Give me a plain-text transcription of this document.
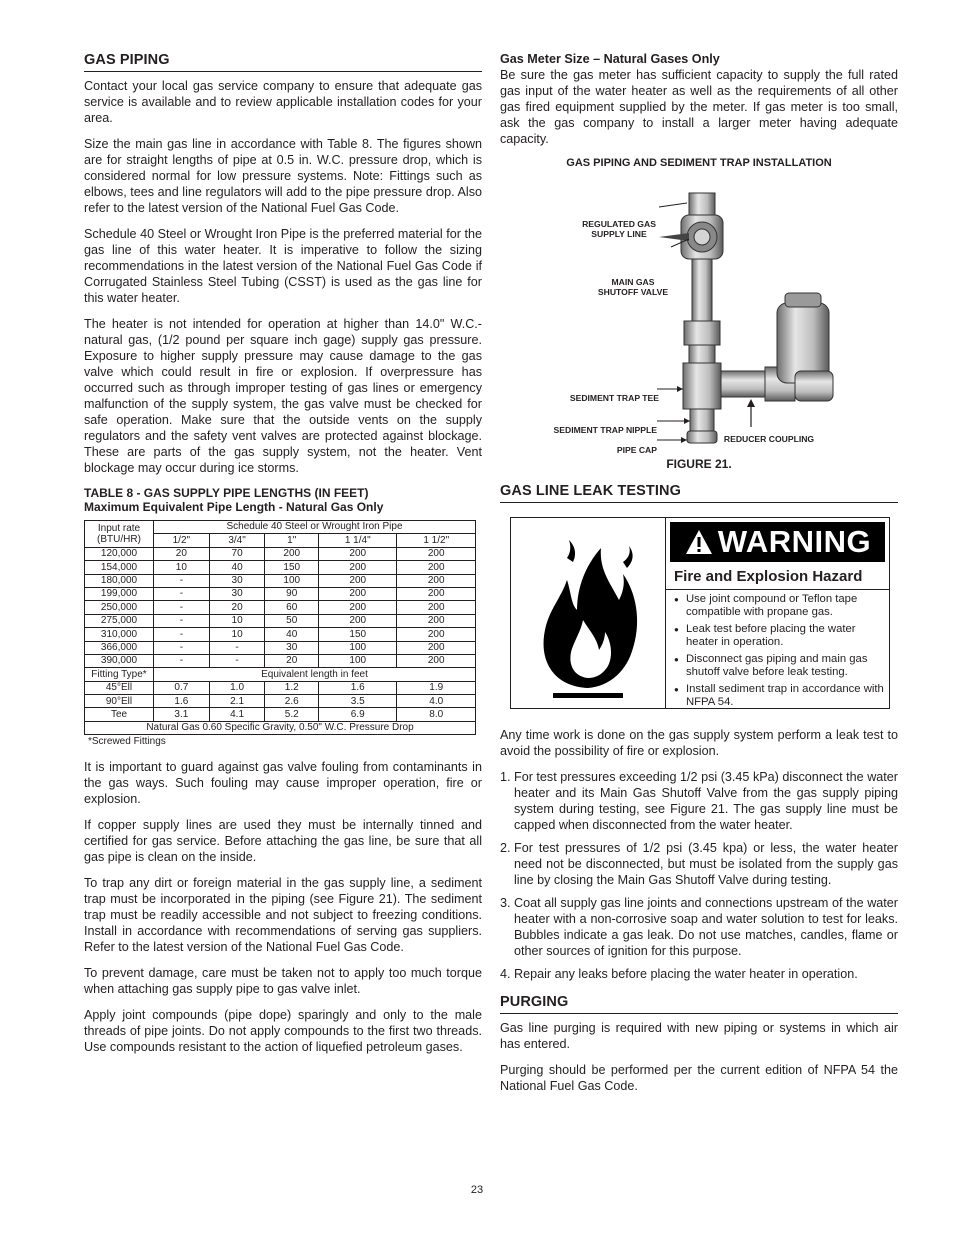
GAS PIPING

Contact your local gas service company to ensure that adequate gas service is available and to review applicable installation codes for your area.

Size the main gas line in accordance with Table 8. The figures shown are for straight lengths of pipe at 0.5 in. W.C. pressure drop, which is considered normal for low pressure systems. Note: Fittings such as elbows, tees and line regulators will add to the pipe pressure drop. Also refer to the latest version of the National Fuel Gas Code.

Schedule 40 Steel or Wrought Iron Pipe is the preferred material for the gas line of this water heater. It is imperative to follow the sizing recommendations in the latest version of the National Fuel Gas Code if Corrugated Stainless Steel Tubing (CSST) is used as the gas line for this water heater.

The heater is not intended for operation at higher than 14.0" W.C.- natural gas, (1/2 pound per square inch gage) supply gas pressure. Exposure to higher supply pressure may cause damage to the gas valve which could result in fire or explosion. If overpressure has occurred such as through improper testing of gas lines or emergency malfunction of the supply system, the gas valve must be checked for safe operation. Make sure that the outside vents on the supply regulators and the safety vent valves are protected against blockage. These are parts of the gas supply system, not the heater. Vent blockage may occur during ice storms.

TABLE 8 - GAS SUPPLY PIPE LENGTHS (IN FEET)
Maximum Equivalent Pipe Length - Natural Gas Only
Input rate (BTU/HR)	Schedule 40 Steel or Wrought Iron Pipe				
	1/2"	3/4"	1"	1 1/4"	1 1/2"
120,000	20	70	200	200	200
154,000	10	40	150	200	200
180,000	-	30	100	200	200
199,000	-	30	90	200	200
250,000	-	20	60	200	200
275,000	-	10	50	200	200
310,000	-	10	40	150	200
366,000	-	-	30	100	200
390,000	-	-	20	100	200
Fitting Type*	Equivalent length in feet				
45°Ell	0.7	1.0	1.2	1.6	1.9
90°Ell	1.6	2.1	2.6	3.5	4.0
Tee	3.1	4.1	5.2	6.9	8.0
Natural Gas 0.60 Specific Gravity, 0.50" W.C. Pressure Drop					
*Screwed Fittings

It is important to guard against gas valve fouling from contaminants in the gas ways. Such fouling may cause improper operation, fire or explosion.

If copper supply lines are used they must be internally tinned and certified for gas service. Before attaching the gas line, be sure that all gas pipe is clean on the inside.

To trap any dirt or foreign material in the gas supply line, a sediment trap must be incorporated in the piping (see Figure 21). The sediment trap must be readily accessible and not subject to freezing conditions. Install in accordance with recommendations of serving gas suppliers. Refer to the latest version of the National Fuel Gas Code.

To prevent damage, care must be taken not to apply too much torque when attaching gas supply pipe to gas valve inlet.

Apply joint compounds (pipe dope) sparingly and only to the male threads of pipe joints. Do not apply compounds to the first two threads. Use compounds resistant to the action of liquefied petroleum gases.

Gas Meter Size – Natural Gases Only

Be sure the gas meter has sufficient capacity to supply the full rated gas input of the water heater as well as the requirements of all other gas fired equipment supplied by the meter. If gas meter is too small, ask the gas company to install a larger meter having adequate capacity.

GAS PIPING AND SEDIMENT TRAP INSTALLATION
REGULATED GAS
SUPPLY LINE
MAIN GAS
SHUTOFF VALVE
SEDIMENT TRAP TEE
SEDIMENT TRAP NIPPLE
PIPE CAP
REDUCER COUPLING
FIGURE 21.
GAS LINE LEAK TESTING
WARNING
Fire and Explosion Hazard
● Use joint compound or Teflon tape compatible with propane gas.
● Leak test before placing the water heater in operation.
● Disconnect gas piping and main gas shutoff valve before leak testing.
● Install sediment trap in accordance with NFPA 54.

Any time work is done on the gas supply system perform a leak test to avoid the possibility of fire or explosion.

1. For test pressures exceeding 1/2 psi (3.45 kPa) disconnect the water heater and its Main Gas Shutoff Valve from the gas supply piping system during testing, see Figure 21. The gas supply line must be capped when disconnected from the water heater.
2. For test pressures of 1/2 psi (3.45 kpa) or less, the water heater need not be disconnected, but must be isolated from the supply gas line by closing the Main Gas Shutoff Valve during testing.
3. Coat all supply gas line joints and connections upstream of the water heater with a non-corrosive soap and water solution to test for leaks. Bubbles indicate a gas leak. Do not use matches, candles, flame or other sources of ignition for this purpose.
4. Repair any leaks before placing the water heater in operation.
PURGING

Gas line purging is required with new piping or systems in which air has entered.

Purging should be performed per the current edition of NFPA 54 the National Fuel Gas Code.

23
